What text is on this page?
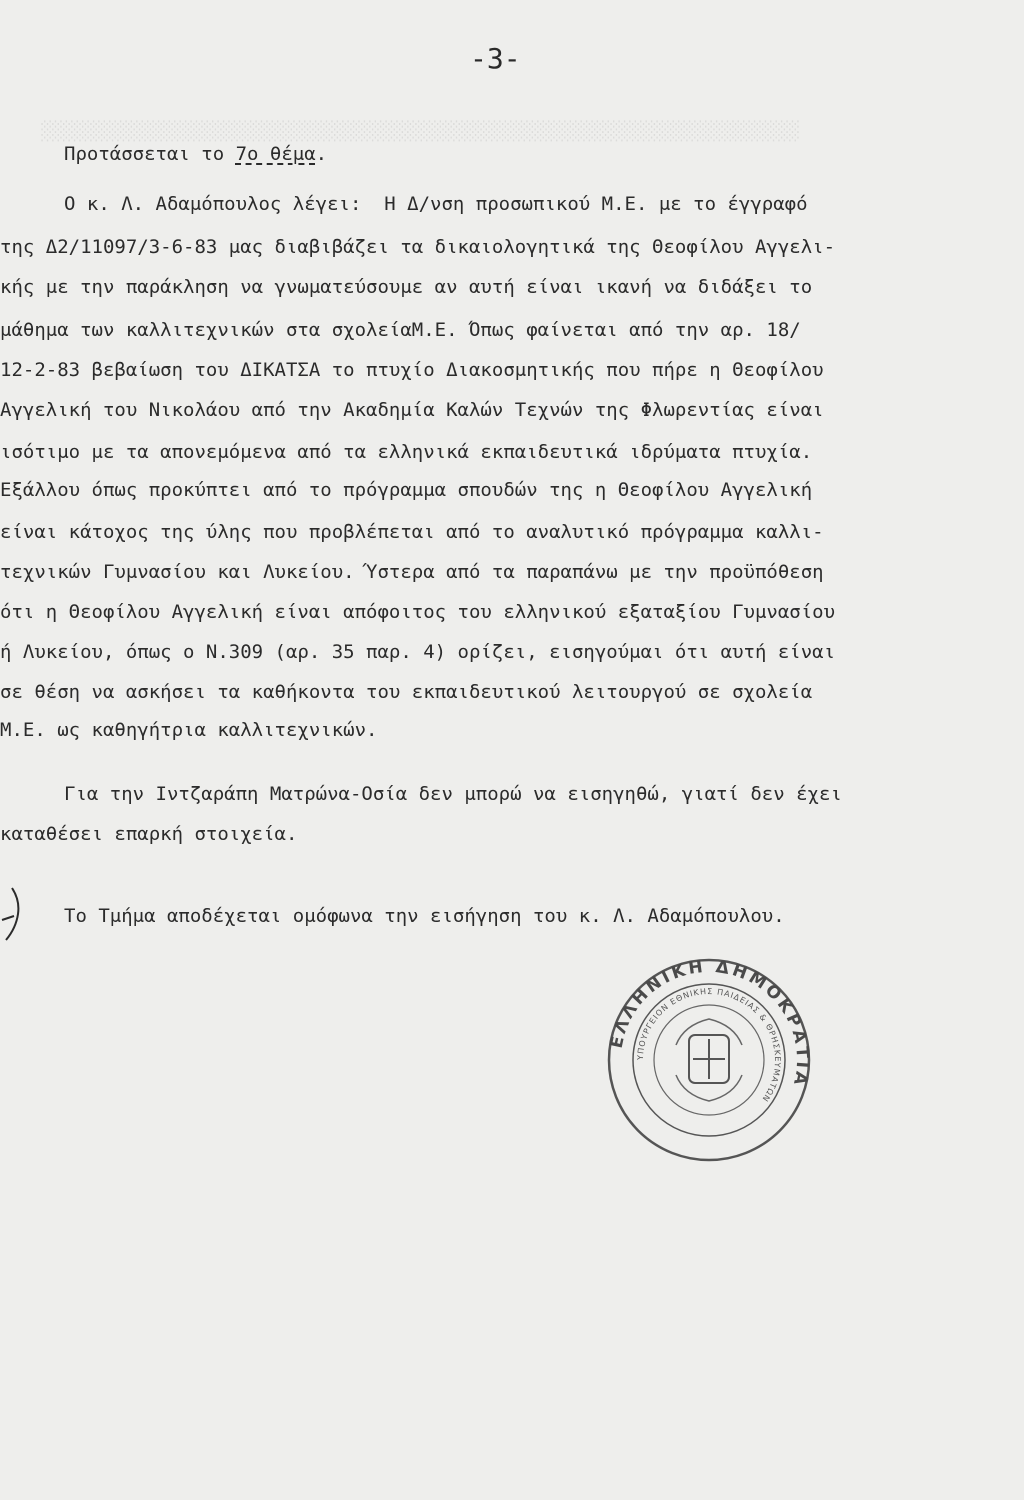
░░░░░░░░░░░░░░░░░░░░░░░░░░░░░░░░░░░░░░░░░░░░░░░░░░░░░░░░░░░░░░░░░░░░░░
-3-
Προτάσσεται το 7ο θέμα.
Ο κ. Λ. Αδαμόπουλος λέγει:  Η Δ/νση προσωπικού Μ.Ε. με το έγγραφό
της Δ2/11097/3-6-83 μας διαβιβάζει τα δικαιολογητικά της Θεοφίλου Αγγελι-
κής με την παράκληση να γνωματεύσουμε αν αυτή είναι ικανή να διδάξει το
μάθημα των καλλιτεχνικών στα σχολείαΜ.Ε. Όπως φαίνεται από την αρ. 18/
12-2-83 βεβαίωση του ΔΙΚΑΤΣΑ το πτυχίο Διακοσμητικής που πήρε η Θεοφίλου
Αγγελική του Νικολάου από την Ακαδημία Καλών Τεχνών της Φλωρεντίας είναι
ισότιμο με τα απονεμόμενα από τα ελληνικά εκπαιδευτικά ιδρύματα πτυχία.
Εξάλλου όπως προκύπτει από το πρόγραμμα σπουδών της η Θεοφίλου Αγγελική
είναι κάτοχος της ύλης που προβλέπεται από το αναλυτικό πρόγραμμα καλλι-
τεχνικών Γυμνασίου και Λυκείου. Ύστερα από τα παραπάνω με την προϋπόθεση
ότι η Θεοφίλου Αγγελική είναι απόφοιτος του ελληνικού εξαταξίου Γυμνασίου
ή Λυκείου, όπως ο Ν.309 (αρ. 35 παρ. 4) ορίζει, εισηγούμαι ότι αυτή είναι
σε θέση να ασκήσει τα καθήκοντα του εκπαιδευτικού λειτουργού σε σχολεία
Μ.Ε. ως καθηγήτρια καλλιτεχνικών.
Για την Ιντζαράπη Ματρώνα-Οσία δεν μπορώ να εισηγηθώ, γιατί δεν έχει
καταθέσει επαρκή στοιχεία.
Το Τμήμα αποδέχεται ομόφωνα την εισήγηση του κ. Λ. Αδαμόπουλου.
ΕΛΛΗΝΙΚΗ ΔΗΜΟΚΡΑΤΙΑ
ΥΠΟΥΡΓΕΙΟΝ ΕΘΝΙΚΗΣ ΠΑΙΔΕΙΑΣ & ΘΡΗΣΚΕΥΜΑΤΩΝ
